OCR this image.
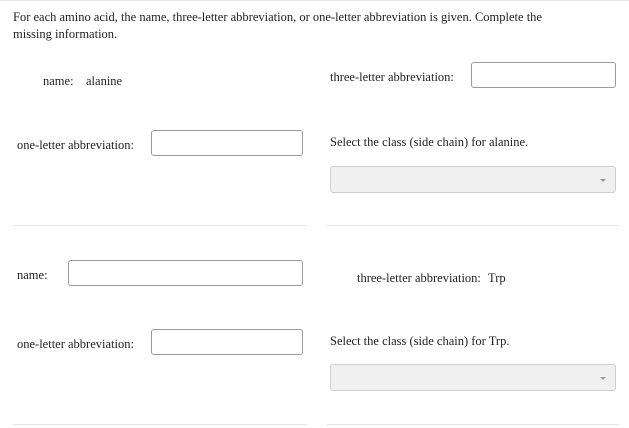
For each amino acid, the name, three-letter abbreviation, or one-letter abbreviation is given. Complete the missing information.
name: alanine	three-letter abbreviation:
one-letter abbreviation:	Select the class (side chain) for alanine.
name:	three-letter abbreviation: Trp
one-letter abbreviation:	Select the class (side chain) for Trp.
